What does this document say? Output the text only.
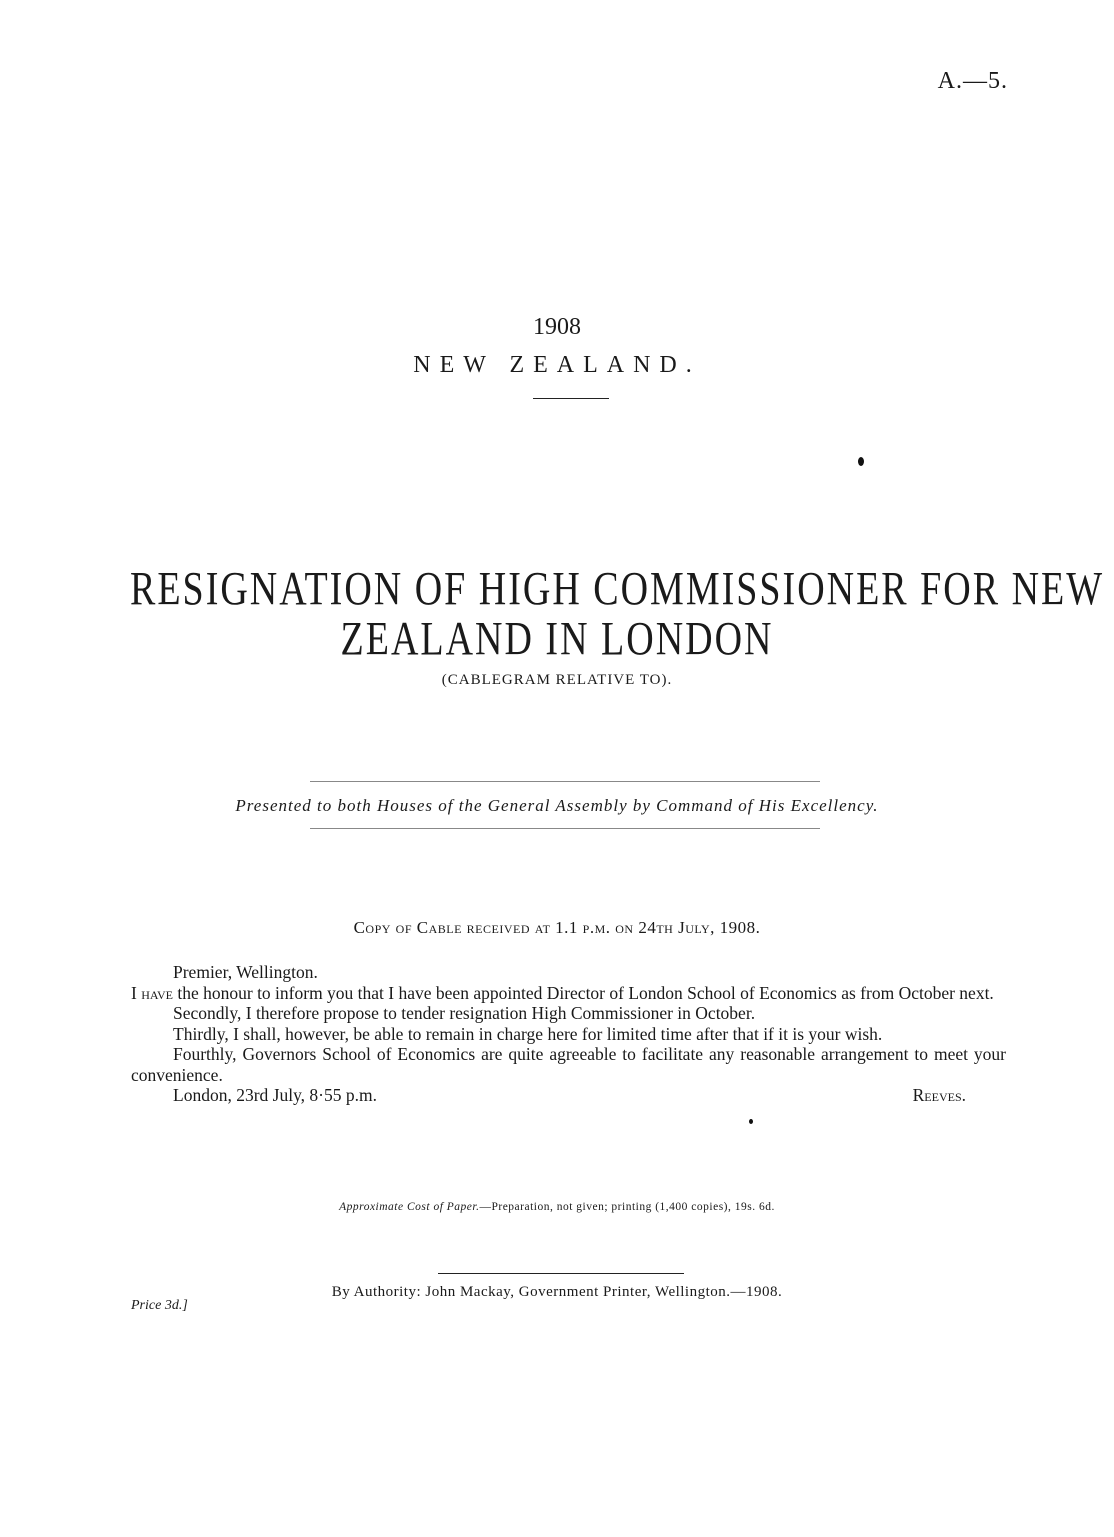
A.—5.
1908
NEW ZEALAND.
RESIGNATION OF HIGH COMMISSIONER FOR NEW
ZEALAND IN LONDON
(CABLEGRAM RELATIVE TO).
Presented to both Houses of the General Assembly by Command of His Excellency.
Copy of Cable received at 1.1 p.m. on 24th July, 1908.

Premier, Wellington.

I have the honour to inform you that I have been appointed Director of London School of Economics as from October next.

Secondly, I therefore propose to tender resignation High Commissioner in October.

Thirdly, I shall, however, be able to remain in charge here for limited time after that if it is your wish.

Fourthly, Governors School of Economics are quite agreeable to facilitate any reasonable arrangement to meet your convenience.

London, 23rd July, 8·55 p.m.	Reeves.
Approximate Cost of Paper.—Preparation, not given; printing (1,400 copies), 19s. 6d.
By Authority: John Mackay, Government Printer, Wellington.—1908.
Price 3d.]
